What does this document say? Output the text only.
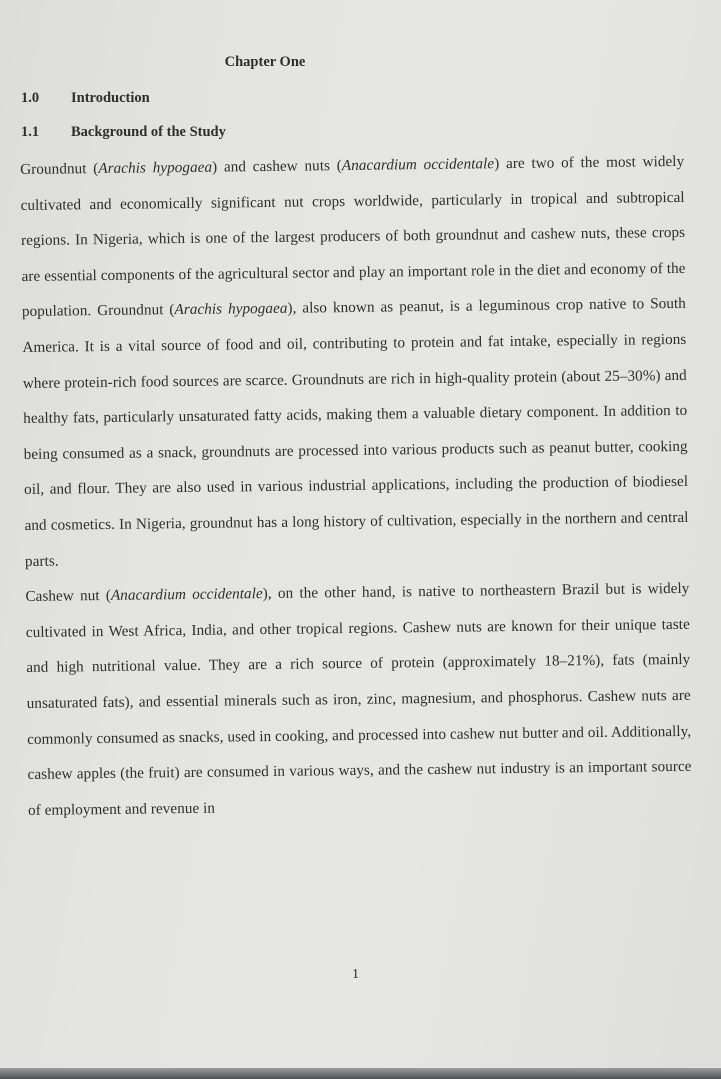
Chapter One
1.0 Introduction
1.1 Background of the Study

Groundnut (Arachis hypogaea) and cashew nuts (Anacardium occidentale) are two of the most widely cultivated and economically significant nut crops worldwide, particularly in tropical and subtropical regions. In Nigeria, which is one of the largest producers of both groundnut and cashew nuts, these crops are essential components of the agricultural sector and play an important role in the diet and economy of the population. Groundnut (Arachis hypogaea), also known as peanut, is a leguminous crop native to South America. It is a vital source of food and oil, contributing to protein and fat intake, especially in regions where protein-rich food sources are scarce. Groundnuts are rich in high-quality protein (about 25–30%) and healthy fats, particularly unsaturated fatty acids, making them a valuable dietary component. In addition to being consumed as a snack, groundnuts are processed into various products such as peanut butter, cooking oil, and flour. They are also used in various industrial applications, including the production of biodiesel and cosmetics. In Nigeria, groundnut has a long history of cultivation, especially in the northern and central parts.

Cashew nut (Anacardium occidentale), on the other hand, is native to northeastern Brazil but is widely cultivated in West Africa, India, and other tropical regions. Cashew nuts are known for their unique taste and high nutritional value. They are a rich source of protein (approximately 18–21%), fats (mainly unsaturated fats), and essential minerals such as iron, zinc, magnesium, and phosphorus. Cashew nuts are commonly consumed as snacks, used in cooking, and processed into cashew nut butter and oil. Additionally, cashew apples (the fruit) are consumed in various ways, and the cashew nut industry is an important source of employment and revenue in

1
